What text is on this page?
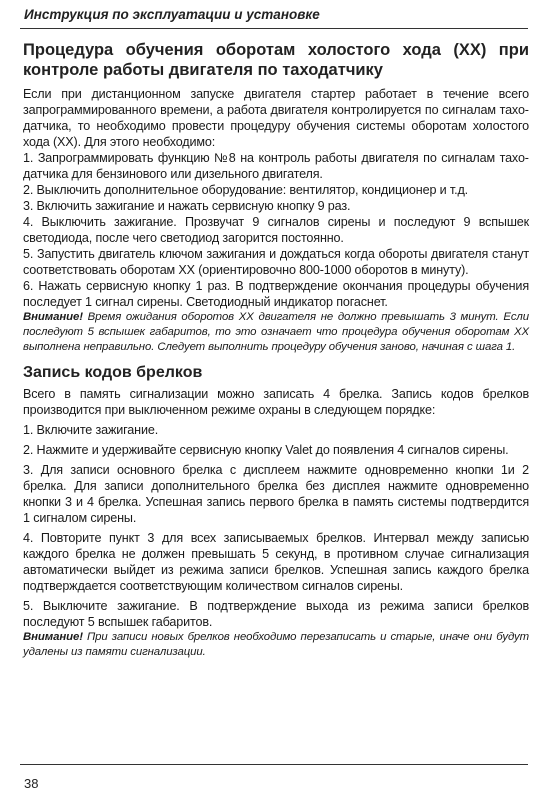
Инструкция по эксплуатации и установке
Процедура обучения оборотам холостого хода (XX) при контроле работы двигателя по таходатчику

Если при дистанционном запуске двигателя стартер работает в течение всего запрограммированного времени, а работа двигателя контролируется по сигналам таходатчика, то необходимо провести процедуру обучения системы оборотам холостого хода (XX). Для этого необходимо:

1. Запрограммировать функцию №8 на контроль работы двигателя по сигналам таходатчика для бензинового или дизельного двигателя.

2. Выключить дополнительное оборудование: вентилятор, кондиционер и т.д.

3. Включить зажигание и нажать сервисную кнопку 9 раз.

4. Выключить зажигание. Прозвучат 9 сигналов сирены и последуют 9 вспышек светодиода, после чего светодиод загорится постоянно.

5. Запустить двигатель ключом зажигания и дождаться когда обороты двигателя станут соответствовать оборотам XX (ориентировочно 800-1000 оборотов в минуту).

6. Нажать сервисную кнопку 1 раз. В подтверждение окончания процедуры обучения последует 1 сигнал сирены. Светодиодный индикатор погаснет.

Внимание! Время ожидания оборотов XX двигателя не должно превышать 3 минут. Если последуют 5 вспышек габаритов, то это означает что процедура обучения оборотам XX выполнена неправильно. Следует выполнить процедуру обучения заново, начиная с шага 1.

Запись кодов брелков

Всего в память сигнализации можно записать 4 брелка. Запись кодов брелков производится при выключенном режиме охраны в следующем порядке:

1. Включите зажигание.

2. Нажмите и удерживайте сервисную кнопку Valet до появления 4 сигналов сирены.

3. Для записи основного брелка с дисплеем нажмите одновременно кнопки 1и 2 брелка. Для записи дополнительного брелка без дисплея нажмите одновременно кнопки 3 и 4 брелка. Успешная запись первого брелка в память системы подтвердится 1 сигналом сирены.

4. Повторите пункт 3 для всех записываемых брелков. Интервал между записью каждого брелка не должен превышать 5 секунд, в противном случае сигнализация автоматически выйдет из режима записи брелков. Успешная запись каждого брелка подтверждается соответствующим количеством сигналов сирены.

5. Выключите зажигание. В подтверждение выхода из режима записи брелков последуют 5 вспышек габаритов.

Внимание! При записи новых брелков необходимо перезаписать и старые, иначе они будут удалены из памяти сигнализации.

38
